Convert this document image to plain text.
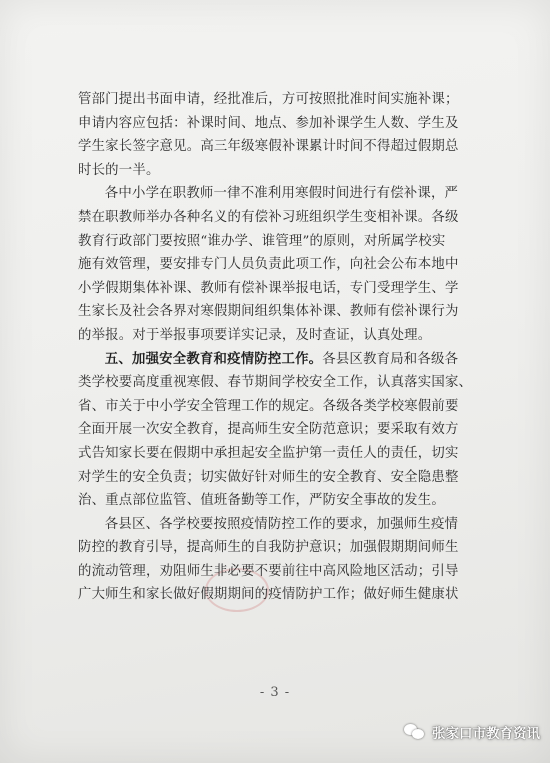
管部门提出书面申请，经批准后，方可按照批准时间实施补课；
申请内容应包括：补课时间、地点、参加补课学生人数、学生及
学生家长签字意见。高三年级寒假补课累计时间不得超过假期总
时长的一半。

各中小学在职教师一律不准利用寒假时间进行有偿补课，严
禁在职教师举办各种名义的有偿补习班组织学生变相补课。各级
教育行政部门要按照“谁办学、谁管理”的原则，对所属学校实
施有效管理，要安排专门人员负责此项工作，向社会公布本地中
小学假期集体补课、教师有偿补课举报电话，专门受理学生、学
生家长及社会各界对寒假期间组织集体补课、教师有偿补课行为
的举报。对于举报事项要详实记录，及时查证，认真处理。

五、加强安全教育和疫情防控工作。各县区教育局和各级各
类学校要高度重视寒假、春节期间学校安全工作，认真落实国家、
省、市关于中小学安全管理工作的规定。各级各类学校寒假前要
全面开展一次安全教育，提高师生安全防范意识；要采取有效方
式告知家长要在假期中承担起安全监护第一责任人的责任，切实
对学生的安全负责；切实做好针对师生的安全教育、安全隐患整
治、重点部位监管、值班备勤等工作，严防安全事故的发生。

各县区、各学校要按照疫情防控工作的要求，加强师生疫情
防控的教育引导，提高师生的自我防护意识；加强假期期间师生
的流动管理，劝阻师生非必要不要前往中高风险地区活动；引导
广大师生和家长做好假期期间的疫情防护工作；做好师生健康状

- 3 -
张家口市教育资讯
